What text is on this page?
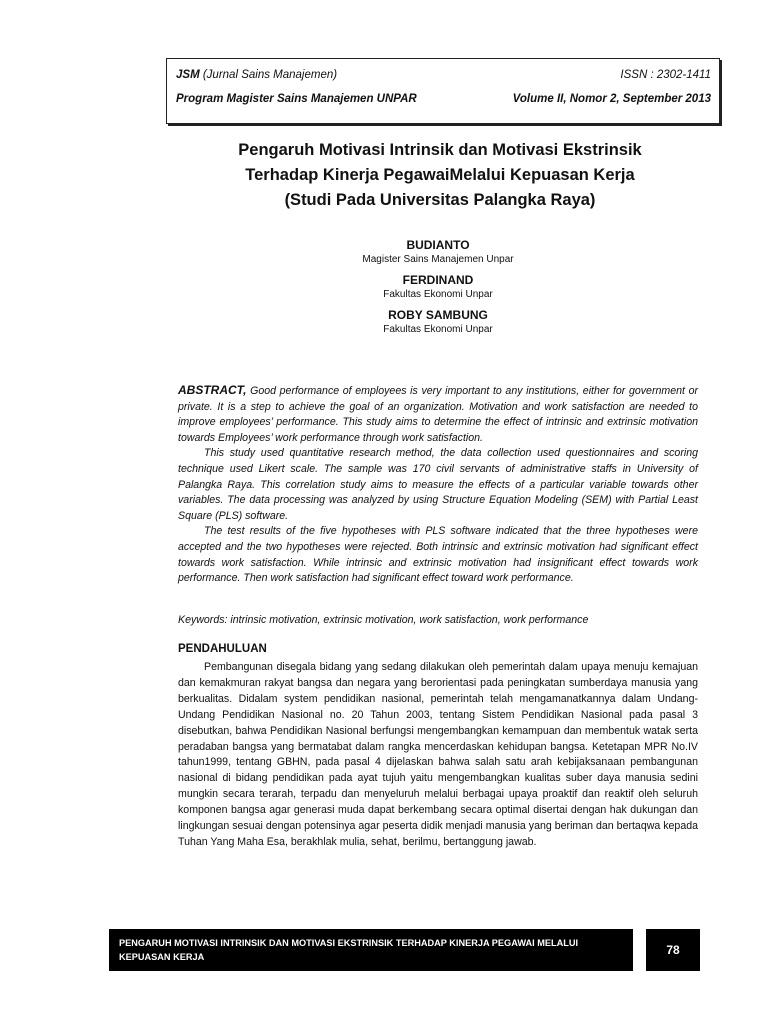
JSM (Jurnal Sains Manajemen)	ISSN : 2302-1411
Program Magister Sains Manajemen UNPAR	Volume II, Nomor 2, September 2013
Pengaruh Motivasi Intrinsik dan Motivasi Ekstrinsik
Terhadap Kinerja PegawaiMelalui Kepuasan Kerja
(Studi Pada Universitas Palangka Raya)
BUDIANTO
Magister Sains Manajemen Unpar
FERDINAND
Fakultas Ekonomi Unpar
ROBY SAMBUNG
Fakultas Ekonomi Unpar

ABSTRACT, Good performance of employees is very important to any institutions, either for government or private. It is a step to achieve the goal of an organization. Motivation and work satisfaction are needed to improve employees’ performance. This study aims to determine the effect of intrinsic and extrinsic motivation towards Employees’ work performance through work satisfaction.

This study used quantitative research method, the data collection used questionnaires and scoring technique used Likert scale. The sample was 170 civil servants of administrative staffs in University of Palangka Raya. This correlation study aims to measure the effects of a particular variable towards other variables. The data processing was analyzed by using Structure Equation Modeling (SEM) with Partial Least Square (PLS) software.

The test results of the five hypotheses with PLS software indicated that the three hypotheses were accepted and the two hypotheses were rejected. Both intrinsic and extrinsic motivation had significant effect towards work satisfaction. While intrinsic and extrinsic motivation had insignificant effect towards work performance. Then work satisfaction had significant effect toward work performance.

Keywords: intrinsic motivation, extrinsic motivation, work satisfaction, work performance
PENDAHULUAN
Pembangunan disegala bidang yang sedang dilakukan oleh pemerintah dalam upaya menuju kemajuan dan kemakmuran rakyat bangsa dan negara yang berorientasi pada peningkatan sumberdaya manusia yang berkualitas. Didalam system pendidikan nasional, pemerintah telah mengamanatkannya dalam Undang-Undang Pendidikan Nasional no. 20 Tahun 2003, tentang Sistem Pendidikan Nasional pada pasal 3 disebutkan, bahwa Pendidikan Nasional berfungsi mengembangkan kemampuan dan membentuk watak serta peradaban bangsa yang bermatabat dalam rangka mencerdaskan kehidupan bangsa. Ketetapan MPR No.IV tahun1999, tentang GBHN, pada pasal 4 dijelaskan bahwa salah satu arah kebijaksanaan pembangunan nasional di bidang pendidikan pada ayat tujuh yaitu mengembangkan kualitas suber daya manusia sedini mungkin secara terarah, terpadu dan menyeluruh melalui berbagai upaya proaktif dan reaktif oleh seluruh komponen bangsa agar generasi muda dapat berkembang secara optimal disertai dengan hak dukungan dan lingkungan sesuai dengan potensinya agar peserta didik menjadi manusia yang beriman dan bertaqwa kepada Tuhan Yang Maha Esa, berakhlak mulia, sehat, berilmu, bertanggung jawab.
PENGARUH MOTIVASI INTRINSIK DAN MOTIVASI EKSTRINSIK TERHADAP KINERJA PEGAWAI MELALUI KEPUASAN KERJA	78
